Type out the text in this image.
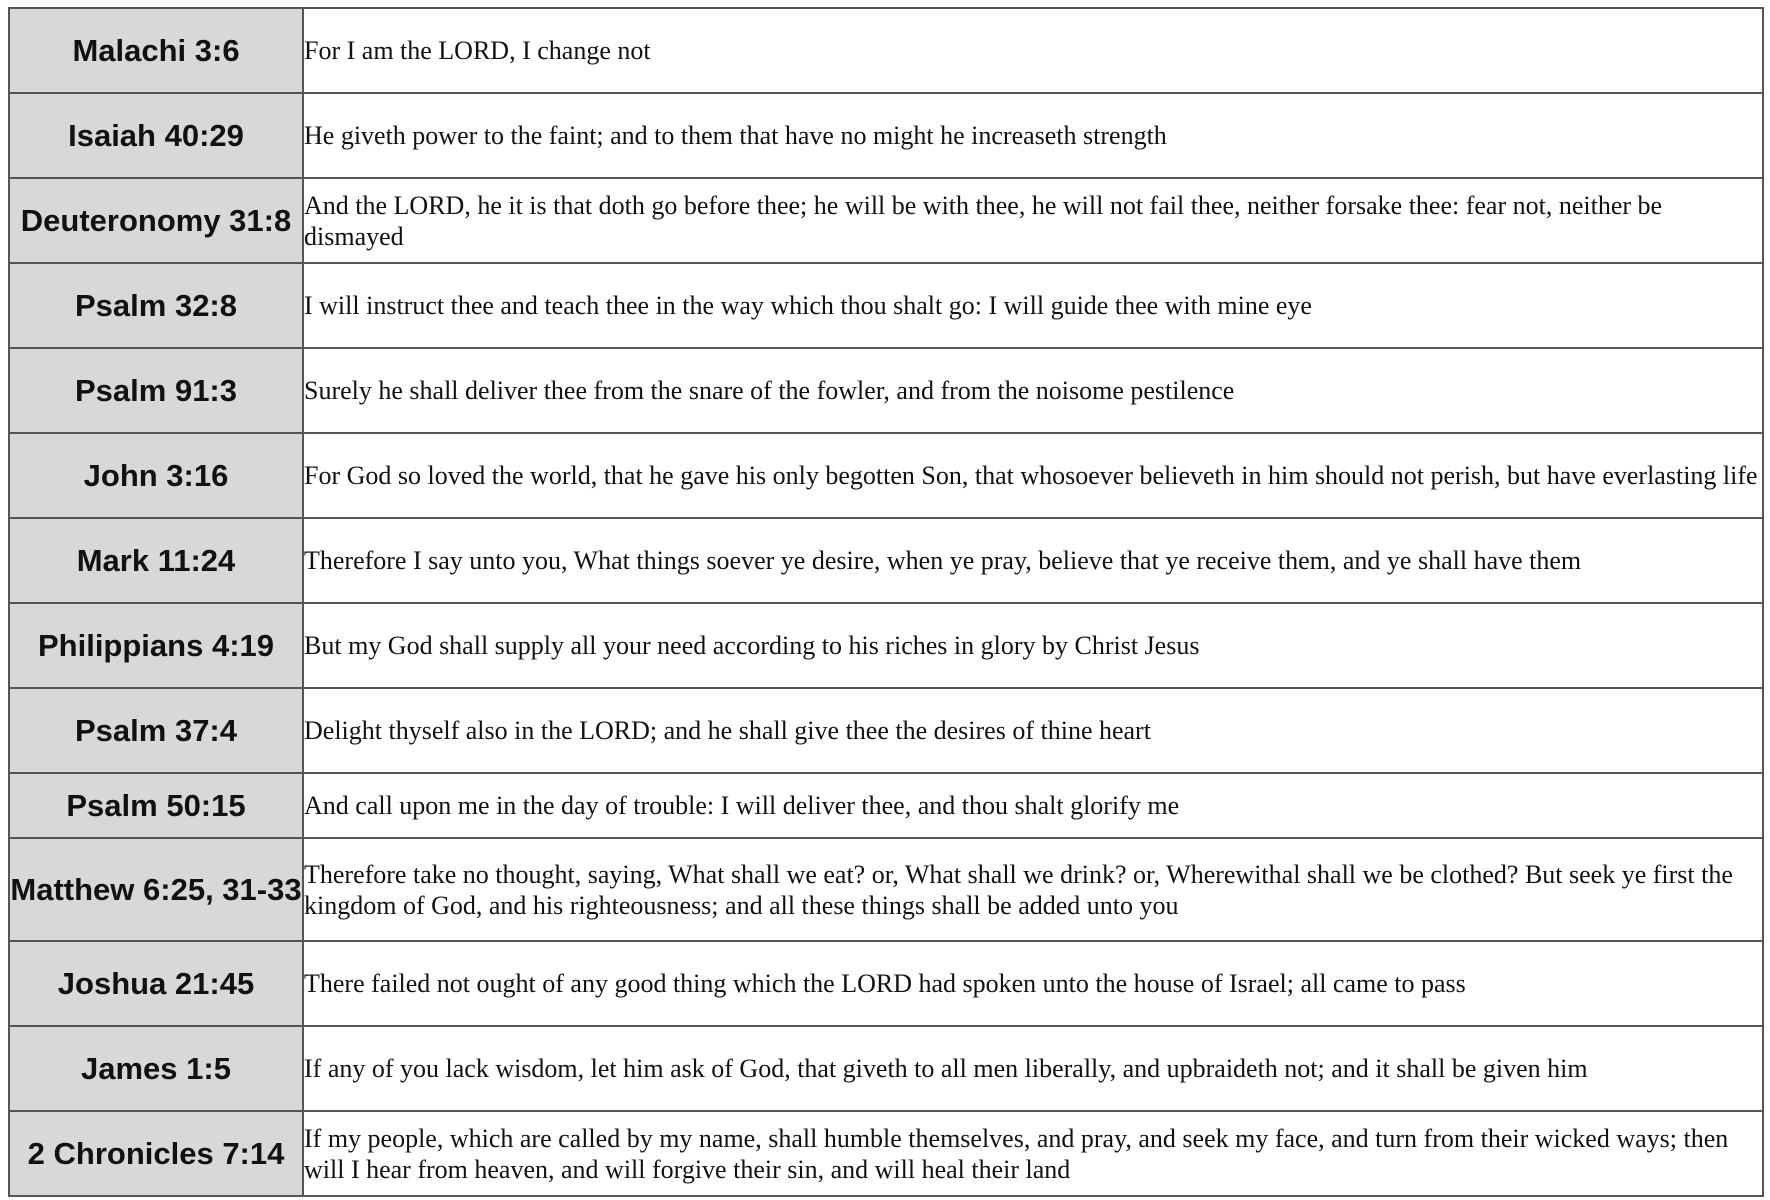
Malachi 3:6	For I am the LORD, I change not
Isaiah 40:29	He giveth power to the faint; and to them that have no might he increaseth strength
Deuteronomy 31:8	And the LORD, he it is that doth go before thee; he will be with thee, he will not fail thee, neither forsake thee: fear not, neither be dismayed
Psalm 32:8	I will instruct thee and teach thee in the way which thou shalt go: I will guide thee with mine eye
Psalm 91:3	Surely he shall deliver thee from the snare of the fowler, and from the noisome pestilence
John 3:16	For God so loved the world, that he gave his only begotten Son, that whosoever believeth in him should not perish, but have everlasting life
Mark 11:24	Therefore I say unto you, What things soever ye desire, when ye pray, believe that ye receive them, and ye shall have them
Philippians 4:19	But my God shall supply all your need according to his riches in glory by Christ Jesus
Psalm 37:4	Delight thyself also in the LORD; and he shall give thee the desires of thine heart
Psalm 50:15	And call upon me in the day of trouble: I will deliver thee, and thou shalt glorify me
Matthew 6:25, 31-33	Therefore take no thought, saying, What shall we eat? or, What shall we drink? or, Wherewithal shall we be clothed? But seek ye first the kingdom of God, and his righteousness; and all these things shall be added unto you
Joshua 21:45	There failed not ought of any good thing which the LORD had spoken unto the house of Israel; all came to pass
James 1:5	If any of you lack wisdom, let him ask of God, that giveth to all men liberally, and upbraideth not; and it shall be given him
2 Chronicles 7:14	If my people, which are called by my name, shall humble themselves, and pray, and seek my face, and turn from their wicked ways; then will I hear from heaven, and will forgive their sin, and will heal their land
